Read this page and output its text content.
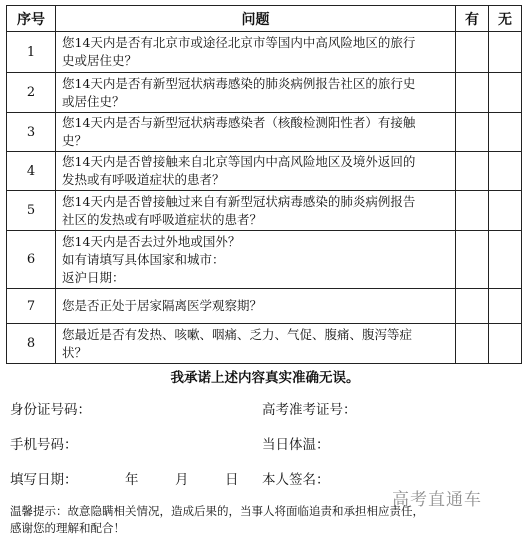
序号	问题	有	无
1	您14天内是否有北京市或途径北京市等国内中高风险地区的旅行
史或居住史？		

2	您14天内是否有新型冠状病毒感染的肺炎病例报告社区的旅行史
或居住史？		

3	您14天内是否与新型冠状病毒感染者（核酸检测阳性者）有接触
史？		

4	您14天内是否曾接触来自北京等国内中高风险地区及境外返回的
发热或有呼吸道症状的患者？		

5	您14天内是否曾接触过来自有新型冠状病毒感染的肺炎病例报告
社区的发热或有呼吸道症状的患者？		

6	您14天内是否去过外地或国外？
如有请填写具体国家和城市：
返沪日期：		

7	您是否正处于居家隔离医学观察期？		

8	您最近是否有发热、咳嗽、咽痛、乏力、气促、腹痛、腹泻等症
状？		

我承诺上述内容真实准确无误。
身份证号码：	高考准考证号：
手机号码：	当日体温：
填写日期：	年	月	日 本人签名：
高考直通车
温馨提示：故意隐瞒相关情况，造成后果的，当事人将面临追责和承担相应责任，
感谢您的理解和配合！
